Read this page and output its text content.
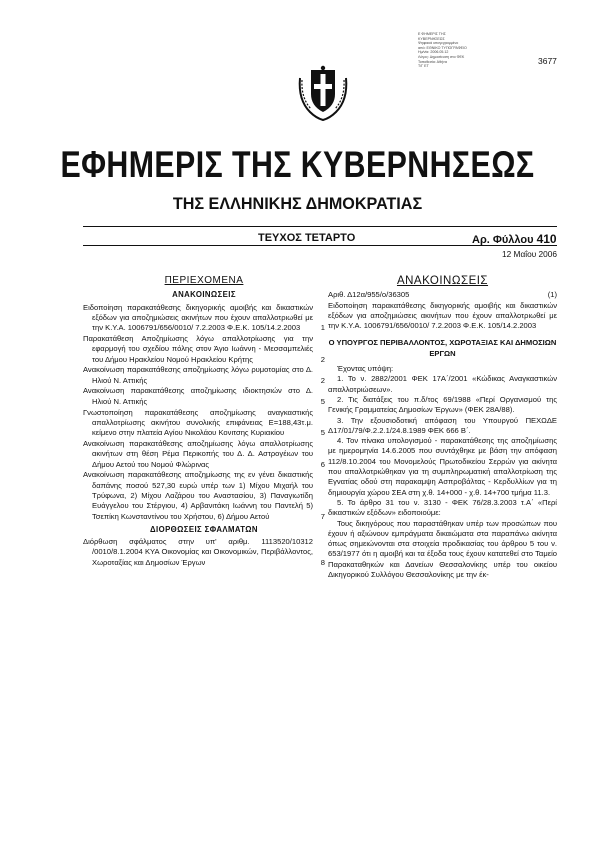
Ε ΦΗΜΕΡΙΣ ΤΗΣ
ΚΥΒΕΡΝΗΣΕΩΣ
Ψηφιακά υπογεγραμμένο
από: ΕΘΝΙΚΟ ΤΥΠΟΓΡΑΦΕΙΟ
Ημ/νία: 2006.05.12
Λόγος: Δημοσίευση στο ΦΕΚ
Τοποθεσία: Αθήνα
Τ/Γ ΕΤ
3677
ΕΦΗΜΕΡΙΣ ΤΗΣ ΚΥΒΕΡΝΗΣΕΩΣ
ΤΗΣ ΕΛΛΗΝΙΚΗΣ ΔΗΜΟΚΡΑΤΙΑΣ
ΤΕΥΧΟΣ ΤΕΤΑΡΤΟ	Αρ. Φύλλου 410
12 Μαΐου 2006
ΠΕΡΙΕΧΟΜΕΝΑ
ΑΝΑΚΟΙΝΩΣΕΙΣ
Ειδοποίηση παρακατάθεσης δικηγορικής αμοιβής και δικαστικών εξόδων για αποζημιώσεις ακινήτων που έχουν απαλλοτριωθεί με την Κ.Υ.Α. 1006791/656/0010/ 7.2.2003 Φ.Ε.Κ. 105/14.2.2003	1
Παρακατάθεση Αποζημίωσης λόγω απαλλοτρίωσης για την εφαρμογή του σχεδίου πόλης στον Άγιο Ιωάννη - Μεσσαμπελιές του Δήμου Ηρακλείου Νομού Ηρακλείου Κρήτης	2
Ανακοίνωση παρακατάθεσης αποζημίωσης λόγω ρυμοτομίας στο Δ. Ηλιού Ν. Αττικής	2
Ανακοίνωση παρακατάθεσης αποζημίωσης ιδιοκτησιών στο Δ. Ηλιού Ν. Αττικής	5
Γνωστοποίηση παρακατάθεσης αποζημίωσης αναγκαστικής απαλλοτρίωσης ακινήτου συνολικής επιφάνειας Ε=188,43τ.μ. κείμενο στην πλατεία Αγίου Νικολάου Κονιτσης Κυριακίου	5
Ανακοίνωση παρακατάθεσης αποζημίωσης λόγω απαλλοτρίωσης ακινήτων στη θέση Ρέμα Περικοπής του Δ. Δ. Αστρογέιων του Δήμου Αετού του Νομού Φλώρινας	6
Ανακοίνωση παρακατάθεσης αποζημίωσης της εν γένει δικαστικής δαπάνης ποσού 527,30 ευρώ υπέρ των 1) Μίχου Μιχαήλ του Τρύφωνα, 2) Μίχου Λαζάρου του Αναστασίου, 3) Παναγιωτίδη Ευάγγελου του Στέργιου, 4) Αρβανιτάκη Ιωάννη του Παντελή 5) Τσεπίκη Κωνσταντίνου του Χρήστου, 6) Δήμου Αετού	7
ΔΙΟΡΘΩΣΕΙΣ ΣΦΑΛΜΑΤΩΝ
Διόρθωση σφάλματος στην υπ' αριθμ. 1113520/10312 /0010/8.1.2004 ΚΥΑ Οικονομίας και Οικονομικών, Περιβάλλοντος, Χωροταξίας και Δημοσίων Έργων	8
ΑΝΑΚΟΙΝΩΣΕΙΣ
Αριθ. Δ12α/955/ο/36305	(1)
Ειδοποίηση παρακατάθεσης δικηγορικής αμοιβής και δικαστικών εξόδων για αποζημιώσεις ακινήτων που έχουν απαλλοτριωθεί με την Κ.Υ.Α. 1006791/656/0010/ 7.2.2003 Φ.Ε.Κ. 105/14.2.2003
Ο ΥΠΟΥΡΓΟΣ ΠΕΡΙΒΑΛΛΟΝΤΟΣ, ΧΩΡΟΤΑΞΙΑΣ ΚΑΙ ΔΗΜΟΣΙΩΝ ΕΡΓΩΝ
Έχοντας υπόψη:
1. Το ν. 2882/2001 ΦΕΚ 17Α΄/2001 «Κώδικας Αναγκαστικών απαλλοτριώσεων».
2. Τις διατάξεις του π.δ/τος 69/1988 «Περί Οργανισμού της Γενικής Γραμματείας Δημοσίων Έργων» (ΦΕΚ 28Α/88).
3. Την εξουσιοδοτική απόφαση του Υπουργού ΠΕΧΩΔΕ Δ17/01/79/Φ.2.2.1/24.8.1989 ΦΕΚ 666 Β΄.
4. Τον πίνακα υπολογισμού - παρακατάθεσης της αποζημίωσης με ημερομηνία 14.6.2005 που συντάχθηκε με βάση την απόφαση 112/8.10.2004 του Μονομελούς Πρωτοδικείου Σερρών για ακίνητα που απαλλοτριώθηκαν για τη συμπληρωματική απαλλοτρίωση της Εγνατίας οδού στη παρακαμψη Ασπροβάλτας - Κερδυλλίων για τη δημιουργία χώρου ΣΕΑ στη χ.θ. 14+000 - χ.θ. 14+700 τμήμα 11.3.
5. Το άρθρο 31 του ν. 3130 - ΦΕΚ 76/28.3.2003 τ.Α΄ «Περί δικαστικών εξόδων» ειδοποιούμε:
Τους δικηγόρους που παραστάθηκαν υπέρ των προσώπων που έχουν ή αξιώνουν εμπράγματα δικαιώματα στα παραπάνω ακίνητα όπως σημειώνονται στα στοιχεία προδικασίας του άρθρου 5 του ν. 653/1977 ότι η αμοιβή και τα έξοδα τους έχουν κατατεθεί στο Ταμείο Παρακαταθηκών και Δανείων Θεσσαλονίκης υπέρ του οικείου Δικηγορικού Συλλόγου Θεσσαλονίκης με την έκ-
